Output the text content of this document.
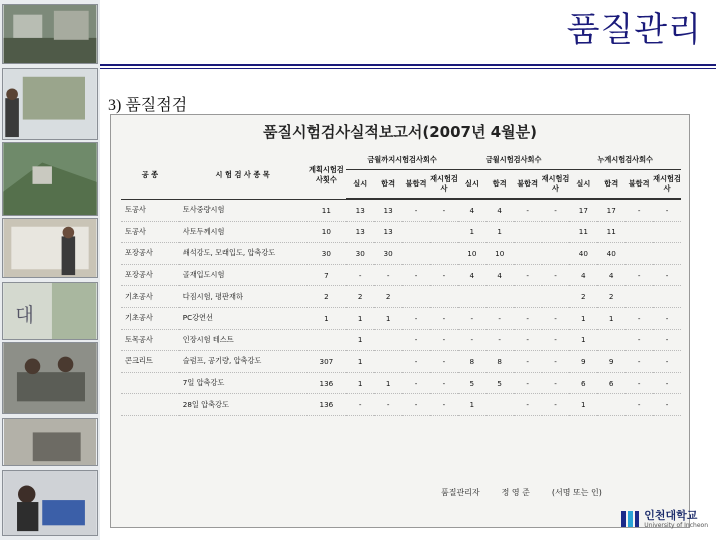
대
품질관리
3) 품질점검
품질시험검사실적보고서(2007년 4월분)
공 종	시 험 검 사 종 목	계획시험검사횟수	금월까지시험검사회수				금월시험검사회수				누계시험검사회수			
			실시	합격	불합격	재시험검사	실시	합격	불합격	재시험검사	실시	합격	불합격	재시험검사
토공사	토사중량시험	11	13	13	-	-	4	4	-	-	17	17	-	-
토공사	사토두께시험	10	13	13			1	1			11	11		
포장공사	쇄석강도, 모래입도, 압축강도	30	30	30			10	10			40	40		
포장공사	골재입도시험	7	-	-	-	-	4	4	-	-	4	4	-	-
기초공사	다짐시험, 평판재하	2	2	2							2	2		
기초공사	PC강연선	1	1	1	-	-	-	-	-	-	1	1	-	-
토목공사	인장시험 테스트		1		-	-	-	-	-	-	1		-	-
콘크리트	슬럼프, 공기량, 압축강도	307	1		-	-	8	8	-	-	9	9	-	-
	7일 압축강도	136	1	1	-	-	5	5	-	-	6	6	-	-
	28일 압축강도	136	-	-	-	-	1		-	-	1		-	-
품질관리자	정 영 준	(서명 또는 인)
인천대학교
University of Incheon
